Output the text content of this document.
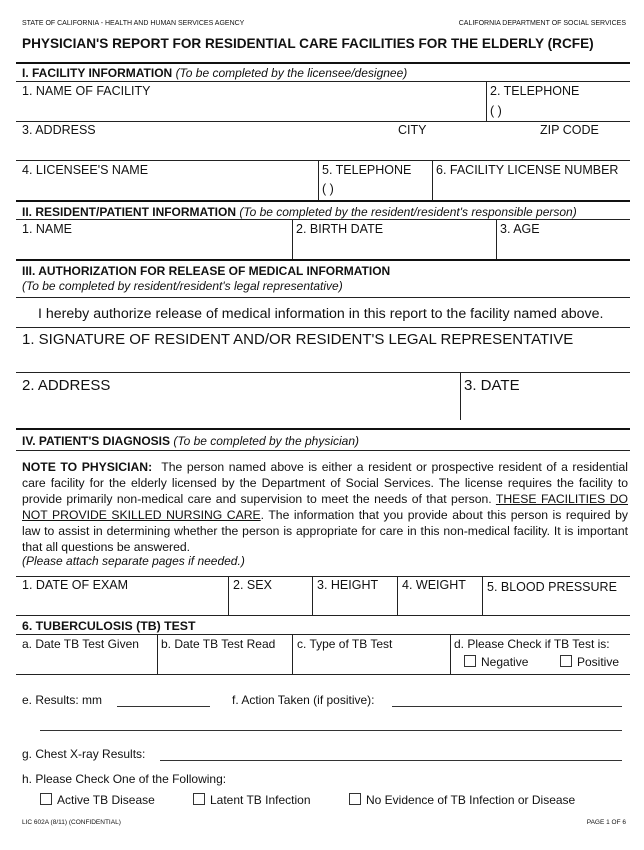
STATE OF CALIFORNIA - HEALTH AND HUMAN SERVICES AGENCY	CALIFORNIA DEPARTMENT OF SOCIAL SERVICES
PHYSICIAN'S REPORT FOR RESIDENTIAL CARE FACILITIES FOR THE ELDERLY (RCFE)
I. FACILITY INFORMATION (To be completed by the licensee/designee)
1. NAME OF FACILITY	2. TELEPHONE
( )
3. ADDRESS	CITY	ZIP CODE
4. LICENSEE'S NAME	5. TELEPHONE
( )
6. FACILITY LICENSE NUMBER
II. RESIDENT/PATIENT INFORMATION (To be completed by the resident/resident's responsible person)
1. NAME	2. BIRTH DATE	3. AGE
III. AUTHORIZATION FOR RELEASE OF MEDICAL INFORMATION
(To be completed by resident/resident's legal representative)
I hereby authorize release of medical information in this report to the facility named above.
1. SIGNATURE OF RESIDENT AND/OR RESIDENT'S LEGAL REPRESENTATIVE
2. ADDRESS	3. DATE
IV. PATIENT'S DIAGNOSIS (To be completed by the physician)
NOTE TO PHYSICIAN: The person named above is either a resident or prospective resident of a residential care facility for the elderly licensed by the Department of Social Services. The license requires the facility to provide primarily non-medical care and supervision to meet the needs of that person. THESE FACILITIES DO NOT PROVIDE SKILLED NURSING CARE. The information that you provide about this person is required by law to assist in determining whether the person is appropriate for care in this non-medical facility. It is important that all questions be answered.
(Please attach separate pages if needed.)
1. DATE OF EXAM	2. SEX	3. HEIGHT 4. WEIGHT 5. BLOOD PRESSURE
6. TUBERCULOSIS (TB) TEST
a. Date TB Test Given b. Date TB Test Read c. Type of TB Test	d. Please Check if TB Test is:
Negative	Positive
e. Results: mm	f. Action Taken (if positive):
g. Chest X-ray Results:
h. Please Check One of the Following:
Active TB Disease	Latent TB Infection	No Evidence of TB Infection or Disease
LIC 602A (8/11) (CONFIDENTIAL)	PAGE 1 OF 6
